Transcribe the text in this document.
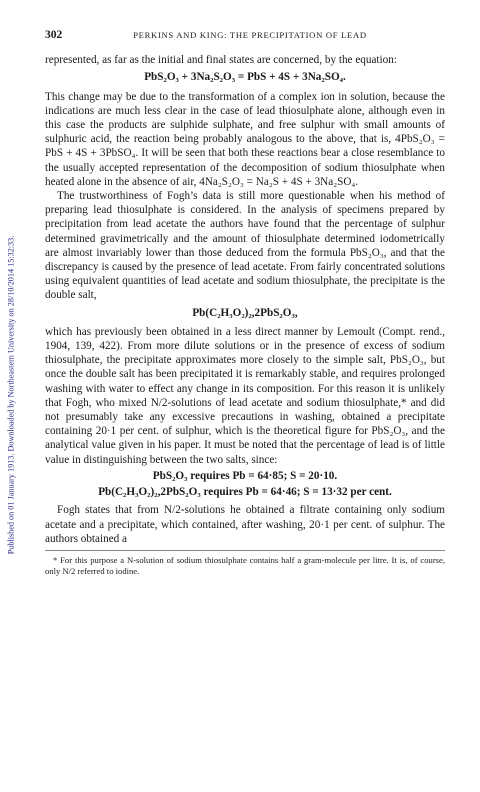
Published on 01 January 1913. Downloaded by Northeastern University on 28/10/2014 15:32:33.
302	PERKINS AND KING: THE PRECIPITATION OF LEAD

represented, as far as the initial and final states are concerned, by the equation:

PbS₂O₃ + 3Na₂S₂O₃ = PbS + 4S + 3Na₂SO₄.

This change may be due to the transformation of a complex ion in solution, because the indications are much less clear in the case of lead thiosulphate alone, although even in this case the products are sulphide sulphate, and free sulphur with small amounts of sulphuric acid, the reaction being probably analogous to the above, that is, 4PbS₂O₃ = PbS + 4S + 3PbSO₄. It will be seen that both these reactions bear a close resemblance to the usually accepted representation of the decomposition of sodium thiosulphate when heated alone in the absence of air, 4Na₂S₂O₃ = Na₂S + 4S + 3Na₂SO₄.

The trustworthiness of Fogh’s data is still more questionable when his method of preparing lead thiosulphate is considered. In the analysis of specimens prepared by precipitation from lead acetate the authors have found that the percentage of sulphur determined gravimetrically and the amount of thiosulphate determined iodometrically are almost invariably lower than those deduced from the formula PbS₂O₃, and that the discrepancy is caused by the presence of lead acetate. From fairly concentrated solutions using equivalent quantities of lead acetate and sodium thiosulphate, the precipitate is the double salt,

Pb(C₂H₃O₂)₂,2PbS₂O₃,

which has previously been obtained in a less direct manner by Lemoult (Compt. rend., 1904, 139, 422). From more dilute solutions or in the presence of excess of sodium thiosulphate, the precipitate approximates more closely to the simple salt, PbS₂O₃, but once the double salt has been precipitated it is remarkably stable, and requires prolonged washing with water to effect any change in its composition. For this reason it is unlikely that Fogh, who mixed N/2-solutions of lead acetate and sodium thiosulphate,* and did not presumably take any excessive precautions in washing, obtained a precipitate containing 20·1 per cent. of sulphur, which is the theoretical figure for PbS₂O₃, and the analytical value given in his paper. It must be noted that the percentage of lead is of little value in distinguishing between the two salts, since:

PbS₂O₃ requires Pb = 64·85; S = 20·10.

Pb(C₂H₃O₂)₂,2PbS₂O₃ requires Pb = 64·46; S = 13·32 per cent.

Fogh states that from N/2-solutions he obtained a filtrate containing only sodium acetate and a precipitate, which contained, after washing, 20·1 per cent. of sulphur. The authors obtained a

* For this purpose a N-solution of sodium thiosulphate contains half a gram-molecule per litre. It is, of course, only N/2 referred to iodine.
